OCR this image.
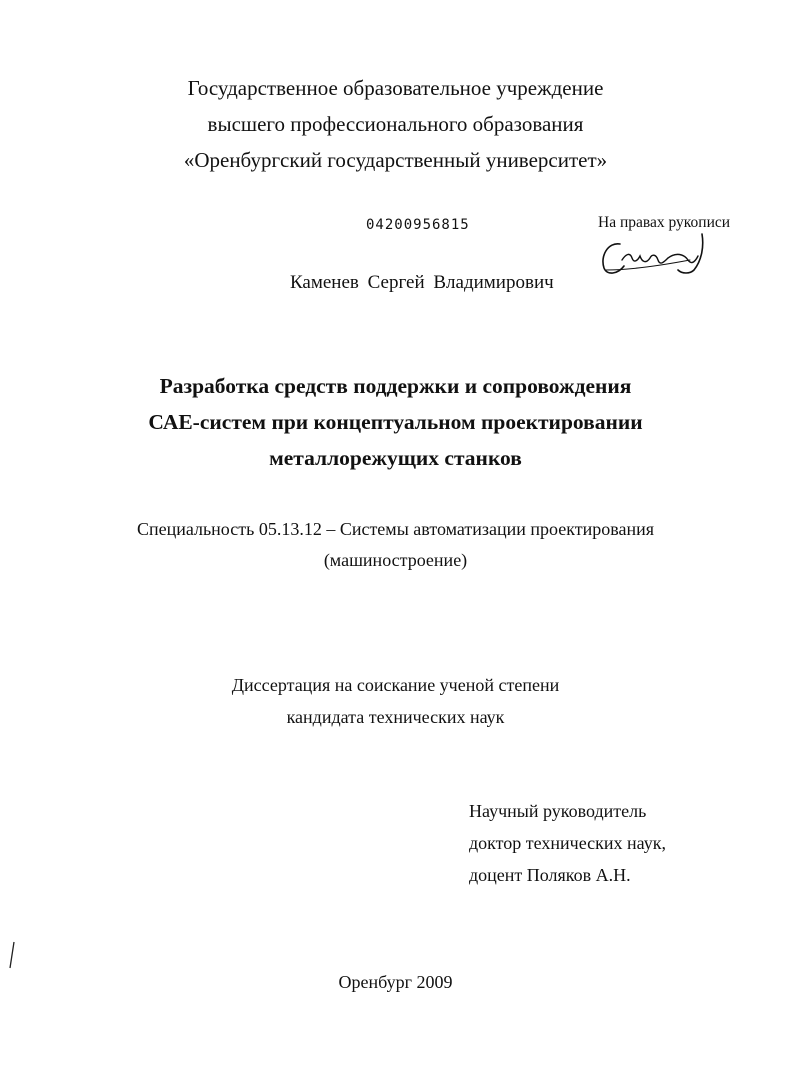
Государственное образовательное учреждение
высшего профессионального образования
«Оренбургский государственный университет»
04200956815	На правах рукописи
Каменев Сергей Владимирович
Разработка средств поддержки и сопровождения
САЕ-систем при концептуальном проектировании
металлорежущих станков
Специальность 05.13.12 – Системы автоматизации проектирования
(машиностроение)
Диссертация на соискание ученой степени
кандидата технических наук
Научный руководитель
доктор технических наук,
доцент Поляков А.Н.
Оренбург 2009
